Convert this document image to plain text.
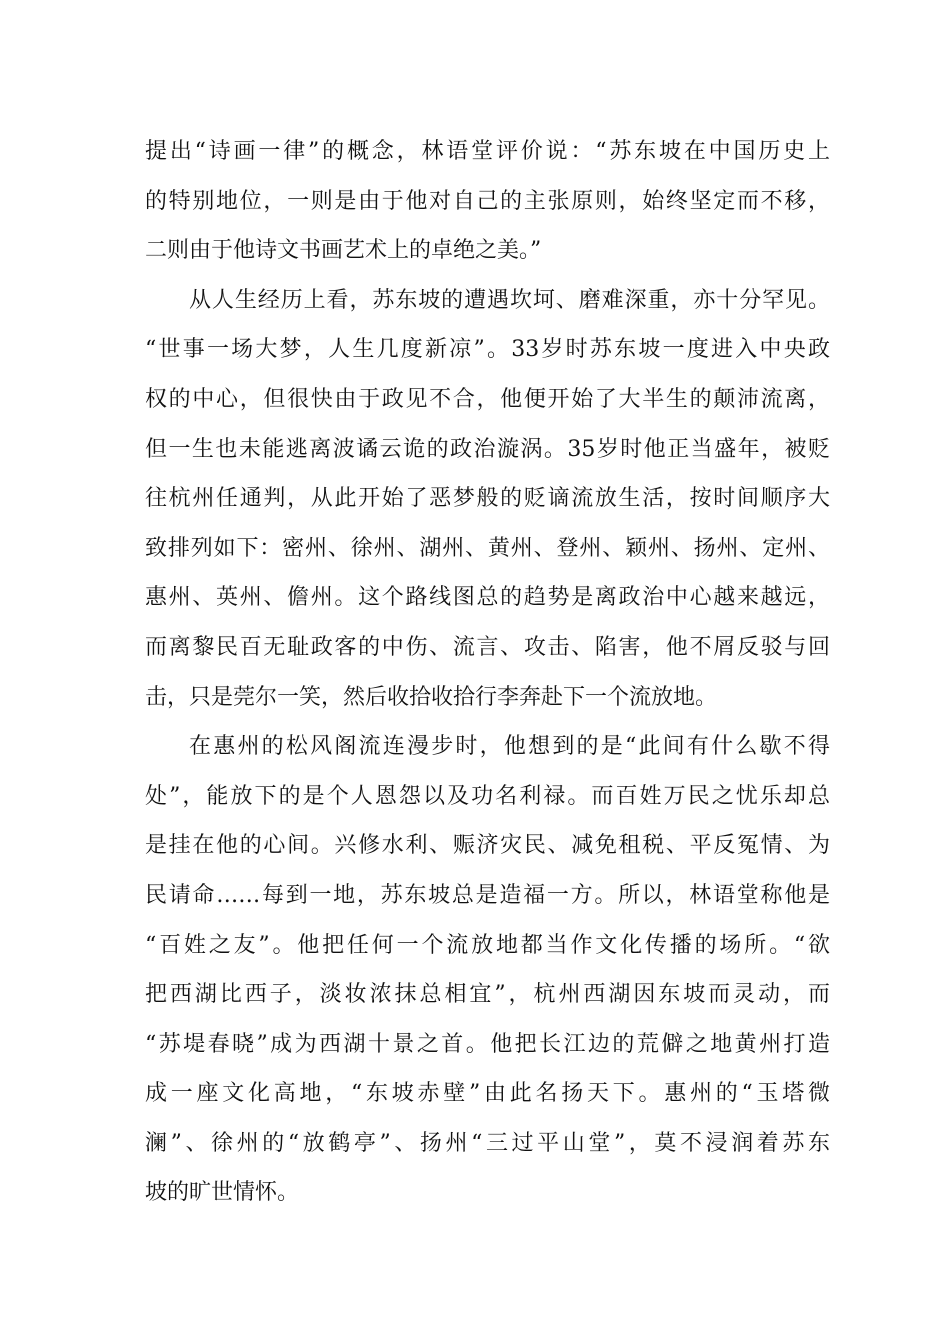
提出“诗画一律”的概念，林语堂评价说：“苏东坡在中国历史上
的特别地位，一则是由于他对自己的主张原则，始终坚定而不移，
二则由于他诗文书画艺术上的卓绝之美。”
从人生经历上看，苏东坡的遭遇坎坷、磨难深重，亦十分罕见。
“世事一场大梦，人生几度新凉”。33岁时苏东坡一度进入中央政
权的中心，但很快由于政见不合，他便开始了大半生的颠沛流离，
但一生也未能逃离波谲云诡的政治漩涡。35岁时他正当盛年，被贬
往杭州任通判，从此开始了恶梦般的贬谪流放生活，按时间顺序大
致排列如下：密州、徐州、湖州、黄州、登州、颖州、扬州、定州、
惠州、英州、儋州。这个路线图总的趋势是离政治中心越来越远，
而离黎民百无耻政客的中伤、流言、攻击、陷害，他不屑反驳与回
击，只是莞尔一笑，然后收拾收拾行李奔赴下一个流放地。
在惠州的松风阁流连漫步时，他想到的是“此间有什么歇不得
处”，能放下的是个人恩怨以及功名利禄。而百姓万民之忧乐却总
是挂在他的心间。兴修水利、赈济灾民、减免租税、平反冤情、为
民请命……每到一地，苏东坡总是造福一方。所以，林语堂称他是
“百姓之友”。他把任何一个流放地都当作文化传播的场所。“欲
把西湖比西子，淡妆浓抹总相宜”，杭州西湖因东坡而灵动，而
“苏堤春晓”成为西湖十景之首。他把长江边的荒僻之地黄州打造
成一座文化高地，“东坡赤壁”由此名扬天下。惠州的“玉塔微
澜”、徐州的“放鹤亭”、扬州“三过平山堂”，莫不浸润着苏东
坡的旷世情怀。
